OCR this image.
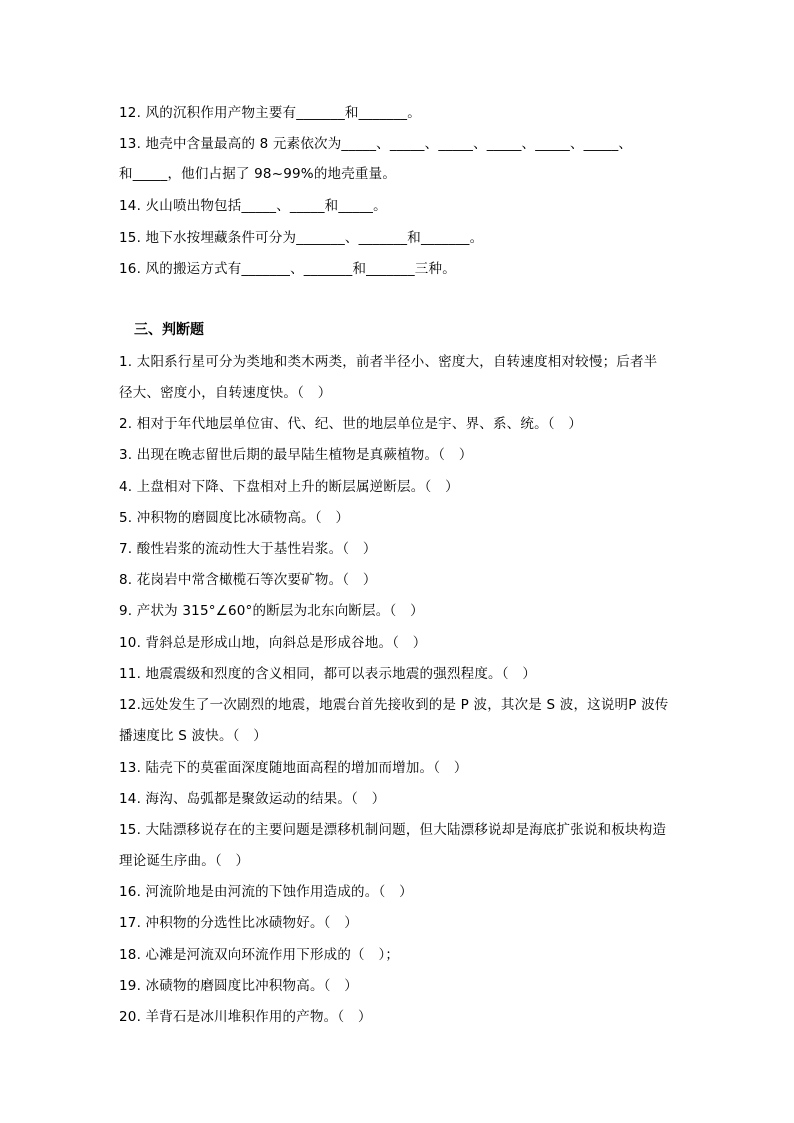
12. 风的沉积作用产物主要有_______和_______。
13. 地壳中含量最高的 8 元素依次为_____、_____、_____、_____、_____、_____、
和_____，他们占据了 98~99%的地壳重量。
14. 火山喷出物包括_____、_____和_____。
15. 地下水按埋藏条件可分为_______、_______和_______。
16. 风的搬运方式有_______、_______和_______三种。
三、判断题
1. 太阳系行星可分为类地和类木两类，前者半径小、密度大，自转速度相对较慢；后者半
径大、密度小，自转速度快。（　）
2. 相对于年代地层单位宙、代、纪、世的地层单位是宇、界、系、统。（　）
3. 出现在晚志留世后期的最早陆生植物是真蕨植物。（　）
4. 上盘相对下降、下盘相对上升的断层属逆断层。（　）
5. 冲积物的磨圆度比冰碛物高。（　）
7. 酸性岩浆的流动性大于基性岩浆。（　）
8. 花岗岩中常含橄榄石等次要矿物。（　）
9. 产状为 315°∠60°的断层为北东向断层。（　）
10. 背斜总是形成山地，向斜总是形成谷地。（　）
11. 地震震级和烈度的含义相同，都可以表示地震的强烈程度。（　）
12.远处发生了一次剧烈的地震，地震台首先接收到的是 P 波，其次是 S 波，这说明P 波传
播速度比 S 波快。（　）
13. 陆壳下的莫霍面深度随地面高程的增加而增加。（　）
14. 海沟、岛弧都是聚敛运动的结果。（　）
15. 大陆漂移说存在的主要问题是漂移机制问题，但大陆漂移说却是海底扩张说和板块构造
理论诞生序曲。（　）
16. 河流阶地是由河流的下蚀作用造成的。（　）
17. 冲积物的分选性比冰碛物好。（　）
18. 心滩是河流双向环流作用下形成的（　）；
19. 冰碛物的磨圆度比冲积物高。（　）
20. 羊背石是冰川堆积作用的产物。（　）
